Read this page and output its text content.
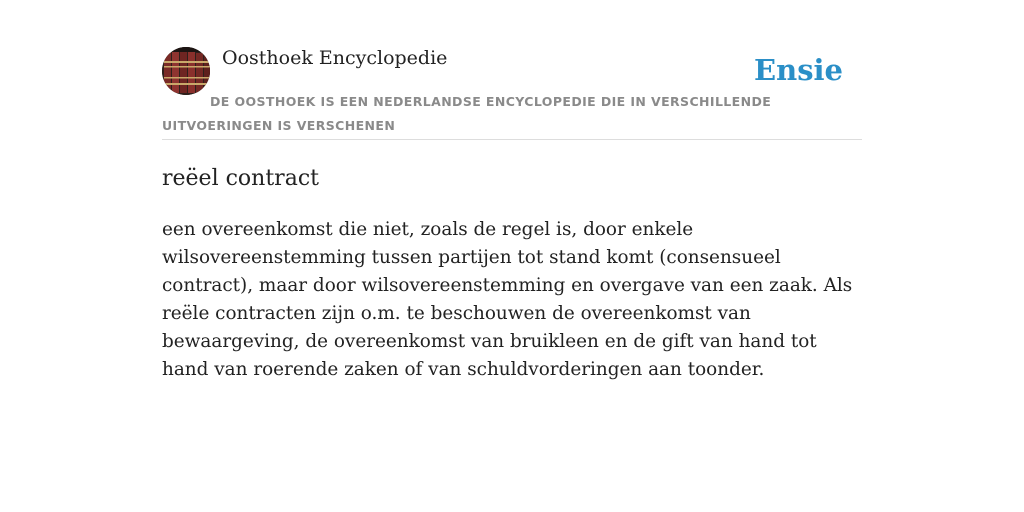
Oosthoek Encyclopedie	Ensie
DE OOSTHOEK IS EEN NEDERLANDSE ENCYCLOPEDIE DIE IN VERSCHILLENDE UITVOERINGEN IS VERSCHENEN
reëel contract

een overeenkomst die niet, zoals de regel is, door enkele wilsovereenstemming tussen partijen tot stand komt (consensueel contract), maar door wilsovereenstemming en overgave van een zaak. Als reële contracten zijn o.m. te beschouwen de overeenkomst van bewaargeving, de overeenkomst van bruikleen en de gift van hand tot hand van roerende zaken of van schuldvorderingen aan toonder.
